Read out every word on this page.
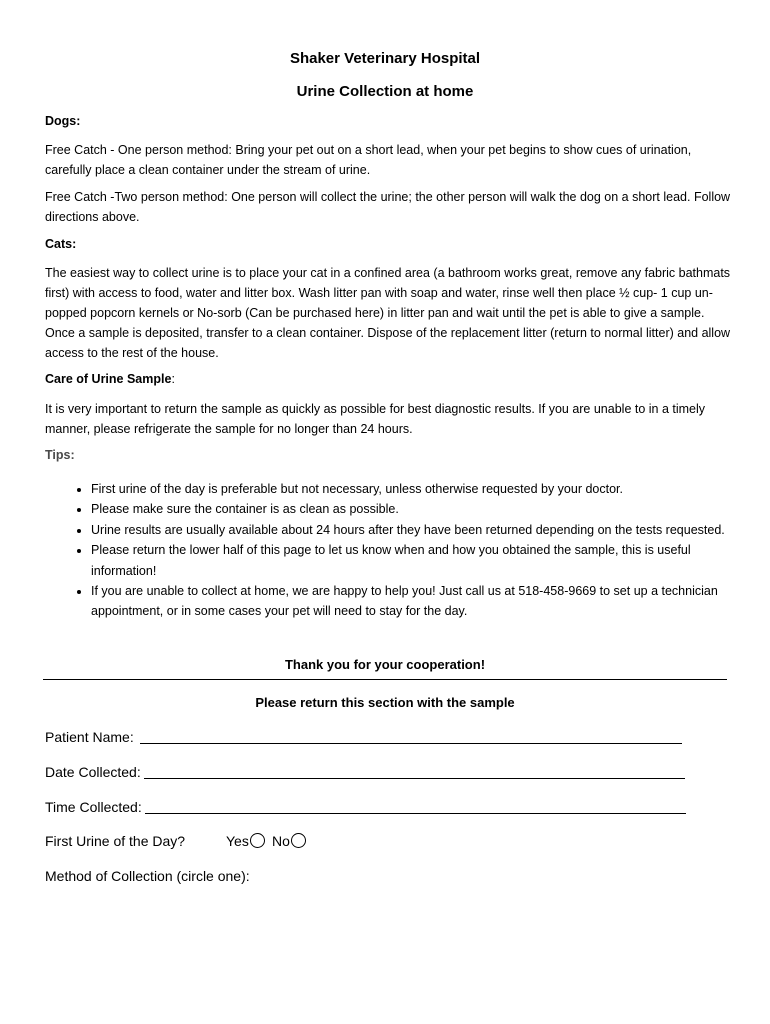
Shaker Veterinary Hospital
Urine Collection at home
Dogs:

Free Catch - One person method: Bring your pet out on a short lead, when your pet begins to show cues of urination, carefully place a clean container under the stream of urine.

Free Catch -Two person method: One person will collect the urine; the other person will walk the dog on a short lead. Follow directions above.

Cats:

The easiest way to collect urine is to place your cat in a confined area (a bathroom works great, remove any fabric bathmats first) with access to food, water and litter box. Wash litter pan with soap and water, rinse well then place ½ cup- 1 cup un-popped popcorn kernels or No-sorb (Can be purchased here) in litter pan and wait until the pet is able to give a sample. Once a sample is deposited, transfer to a clean container. Dispose of the replacement litter (return to normal litter) and allow access to the rest of the house.

Care of Urine Sample:

It is very important to return the sample as quickly as possible for best diagnostic results. If you are unable to in a timely manner, please refrigerate the sample for no longer than 24 hours.

Tips:
• First urine of the day is preferable but not necessary, unless otherwise requested by your doctor.
• Please make sure the container is as clean as possible.
• Urine results are usually available about 24 hours after they have been returned depending on the tests requested.
• Please return the lower half of this page to let us know when and how you obtained the sample, this is useful information!
• If you are unable to collect at home, we are happy to help you! Just call us at 518-458-9669 to set up a technician appointment, or in some cases your pet will need to stay for the day.
Thank you for your cooperation!
Please return this section with the sample
Patient Name:
Date Collected:
Time Collected:
First Urine of the Day?	Yes	No
Method of Collection (circle one):
